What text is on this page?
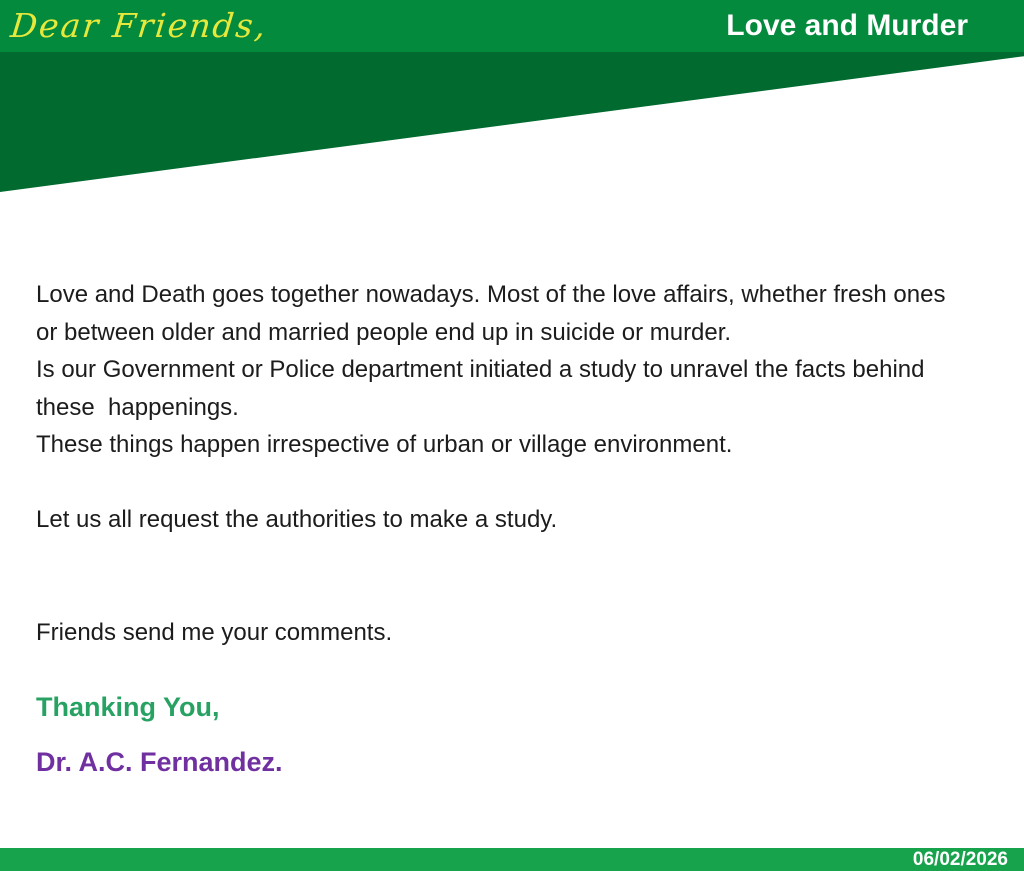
Dear Friends,	Love and Murder
Love and Death goes together nowadays. Most of the love affairs, whether fresh ones
or between older and married people end up in suicide or murder.
Is our Government or Police department initiated a study to unravel the facts behind
these  happenings.
These things happen irrespective of urban or village environment.
Let us all request the authorities to make a study.
Friends send me your comments.
Thanking You,
Dr. A.C. Fernandez.
06/02/2026
